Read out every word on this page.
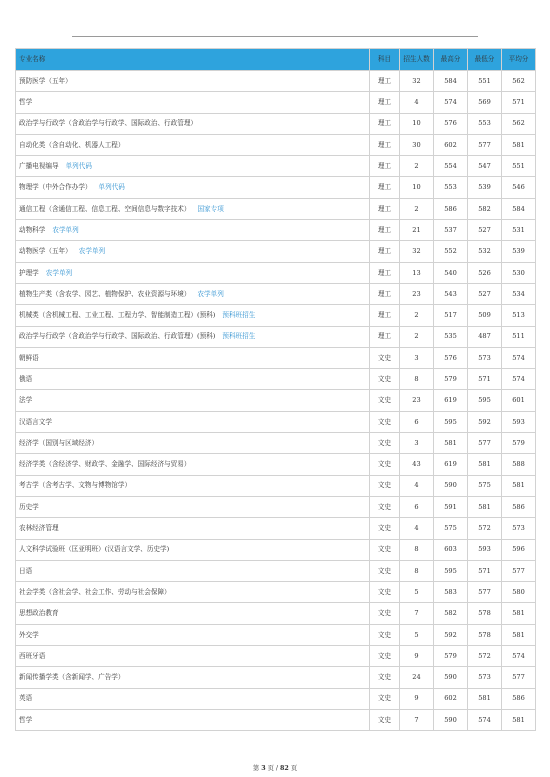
专业名称	科目	招生人数	最高分	最低分	平均分
预防医学（五年）	理工	32	584	551	562
哲学	理工	4	574	569	571
政治学与行政学（含政治学与行政学、国际政治、行政管理）	理工	10	576	553	562
自动化类（含自动化、机器人工程）	理工	30	602	577	581
广播电视编导 单列代码	理工	2	554	547	551
物理学（中外合作办学） 单列代码	理工	10	553	539	546
通信工程（含通信工程、信息工程、空间信息与数字技术） 国家专项	理工	2	586	582	584
动物科学 农学单列	理工	21	537	527	531
动物医学（五年） 农学单列	理工	32	552	532	539
护理学 农学单列	理工	13	540	526	530
植物生产类（含农学、园艺、植物保护、农业资源与环境） 农学单列	理工	23	543	527	534
机械类（含机械工程、工业工程、工程力学、智能制造工程）(预科) 预科班招生	理工	2	517	509	513
政治学与行政学（含政治学与行政学、国际政治、行政管理）(预科) 预科班招生	理工	2	535	487	511
朝鲜语	文史	3	576	573	574
俄语	文史	8	579	571	574
法学	文史	23	619	595	601
汉语言文学	文史	6	595	592	593
经济学（国别与区域经济）	文史	3	581	577	579
经济学类（含经济学、财政学、金融学、国际经济与贸易）	文史	43	619	581	588
考古学（含考古学、文物与博物馆学）	文史	4	590	575	581
历史学	文史	6	591	581	586
农林经济管理	文史	4	575	572	573
人文科学试验班（匡亚明班）(汉语言文学、历史学)	文史	8	603	593	596
日语	文史	8	595	571	577
社会学类（含社会学、社会工作、劳动与社会保障）	文史	5	583	577	580
思想政治教育	文史	7	582	578	581
外交学	文史	5	592	578	581
西班牙语	文史	9	579	572	574
新闻传播学类（含新闻学、广告学）	文史	24	590	573	577
英语	文史	9	602	581	586
哲学	文史	7	590	574	581
第 3 页 / 82 页
